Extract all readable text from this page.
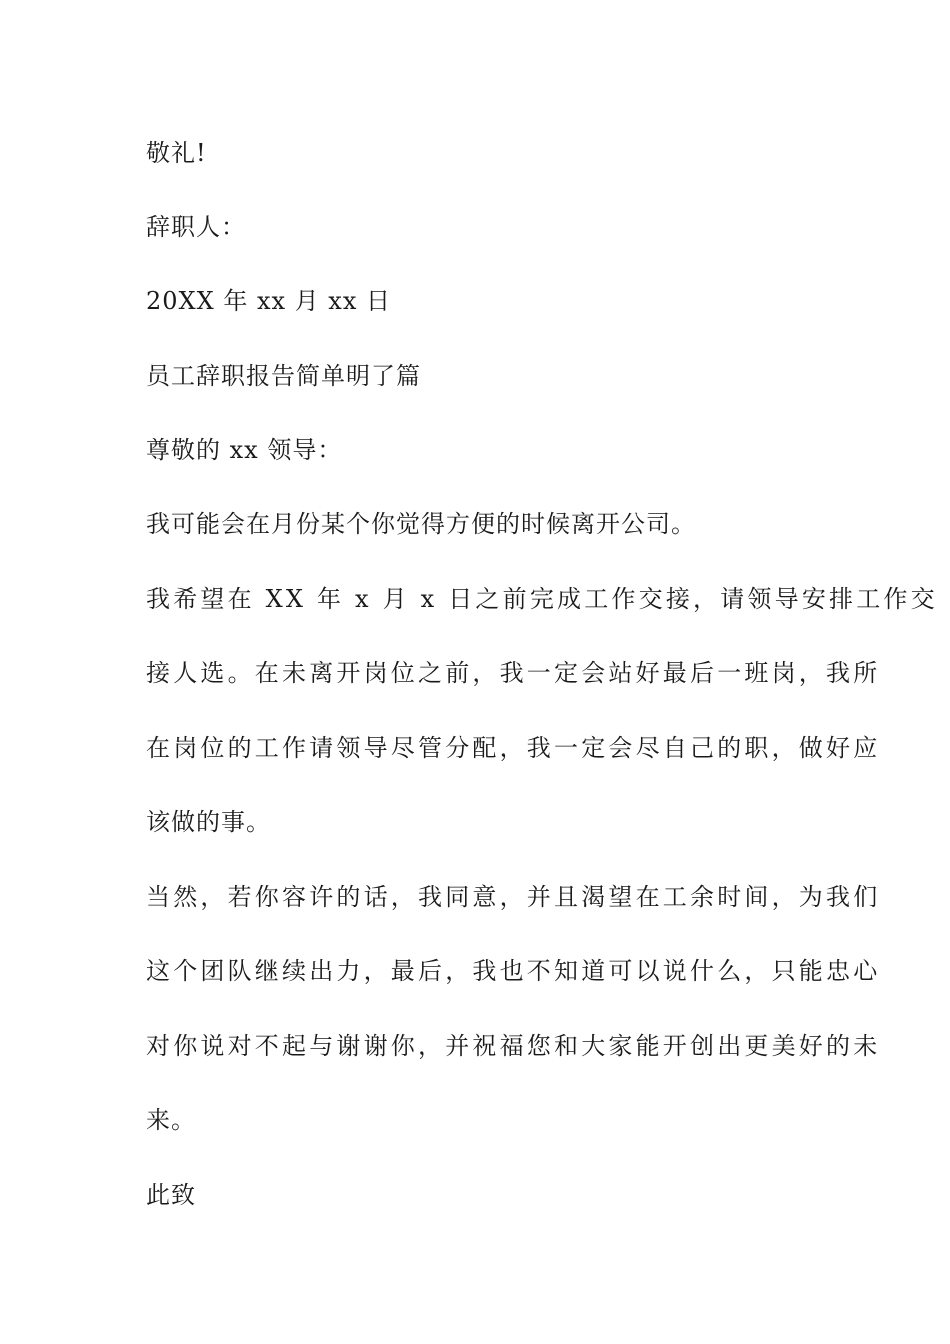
敬礼!
辞职人：
20XX 年 xx 月 xx 日
员工辞职报告简单明了篇
尊敬的 xx 领导：
我可能会在月份某个你觉得方便的时候离开公司。
我希望在 XX 年 x 月 x 日之前完成工作交接，请领导安排工作交
接人选。在未离开岗位之前，我一定会站好最后一班岗，我所
在岗位的工作请领导尽管分配，我一定会尽自己的职，做好应
该做的事。
当然，若你容许的话，我同意，并且渴望在工余时间，为我们
这个团队继续出力，最后，我也不知道可以说什么，只能忠心
对你说对不起与谢谢你，并祝福您和大家能开创出更美好的未
来。
此致
